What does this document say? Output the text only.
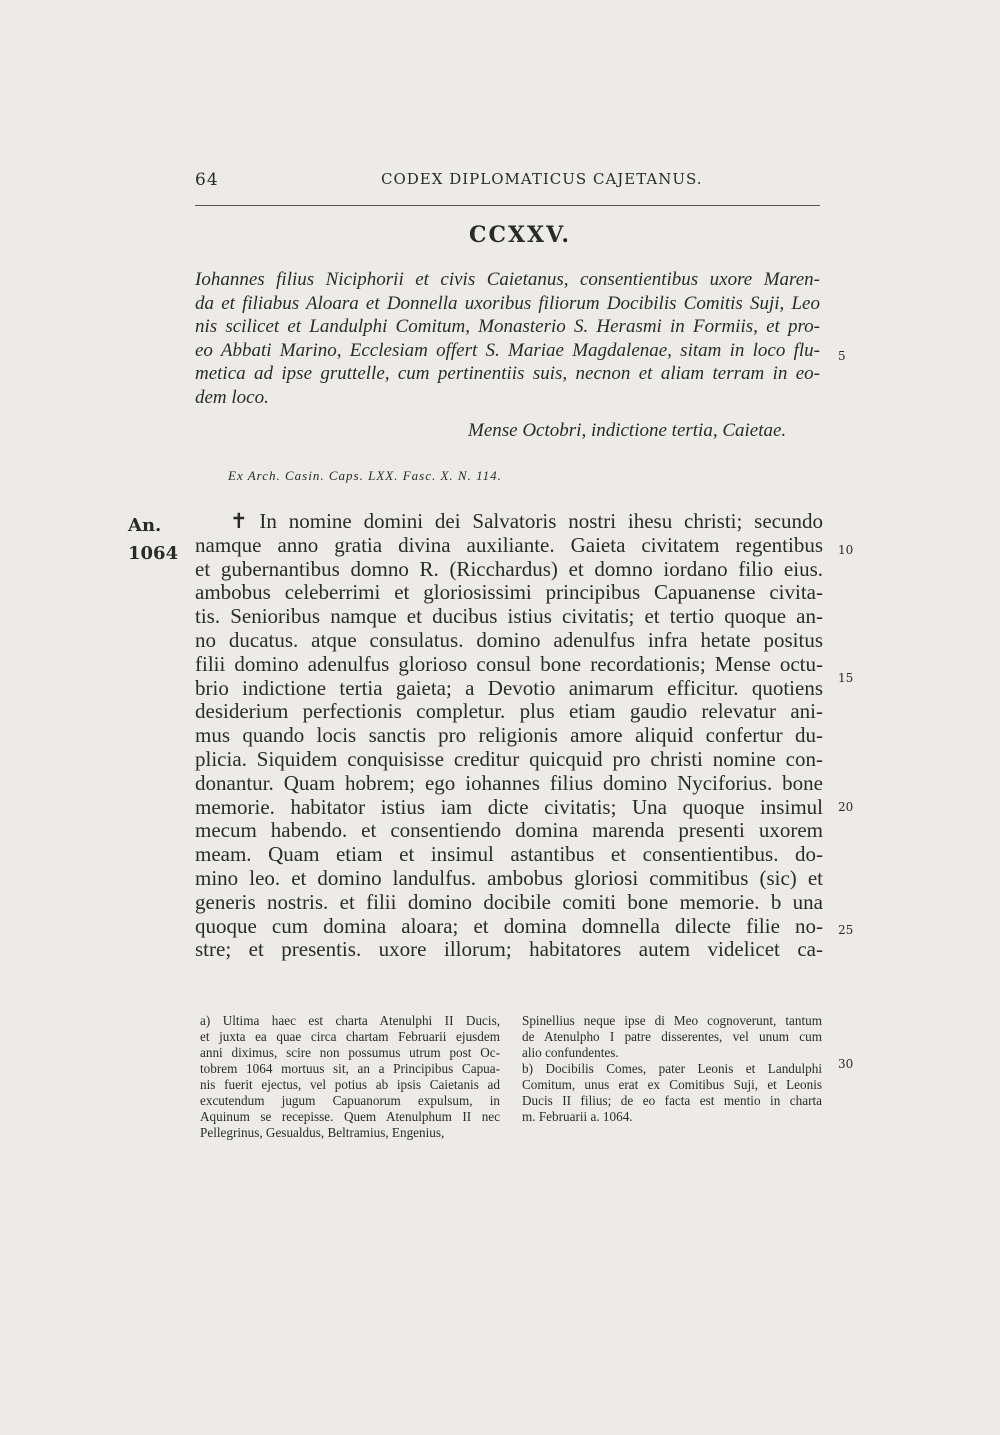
64	CODEX DIPLOMATICUS CAJETANUS.
CCXXV.
Iohannes filius Niciphorii et civis Caietanus, consentientibus uxore Maren-
da et filiabus Aloara et Donnella uxoribus filiorum Docibilis Comitis Suji, Leo
nis scilicet et Landulphi Comitum, Monasterio S. Herasmi in Formiis, et pro-
eo Abbati Marino, Ecclesiam offert S. Mariae Magdalenae, sitam in loco flu-
metica ad ipse gruttelle, cum pertinentiis suis, necnon et aliam terram in eo-
dem loco.
Mense Octobri, indictione tertia, Caietae.
Ex Arch. Casin. Caps. LXX. Fasc. X. N. 114.
An.
1064
✝ In nomine domini dei Salvatoris nostri ihesu christi; secundo
namque anno gratia divina auxiliante. Gaieta civitatem regentibus
et gubernantibus domno R. (Ricchardus) et domno iordano filio eius.
ambobus celeberrimi et gloriosissimi principibus Capuanense civita-
tis. Senioribus namque et ducibus istius civitatis; et tertio quoque an-
no ducatus. atque consulatus. domino adenulfus infra hetate positus
filii domino adenulfus glorioso consul bone recordationis; Mense octu-
brio indictione tertia gaieta; a Devotio animarum efficitur. quotiens
desiderium perfectionis completur. plus etiam gaudio relevatur ani-
mus quando locis sanctis pro religionis amore aliquid confertur du-
plicia. Siquidem conquisisse creditur quicquid pro christi nomine con-
donantur. Quam hobrem; ego iohannes filius domino Nyciforius. bone
memorie. habitator istius iam dicte civitatis; Una quoque insimul
mecum habendo. et consentiendo domina marenda presenti uxorem
meam. Quam etiam et insimul astantibus et consentientibus. do-
mino leo. et domino landulfus. ambobus gloriosi commitibus (sic) et
generis nostris. et filii domino docibile comiti bone memorie. b una
quoque cum domina aloara; et domina domnella dilecte filie no-
stre; et presentis. uxore illorum; habitatores autem videlicet ca-
5
10
15
20
25
30
a) Ultima haec est charta Atenulphi II Ducis,
et juxta ea quae circa chartam Februarii ejusdem
anni diximus, scire non possumus utrum post Oc-
tobrem 1064 mortuus sit, an a Principibus Capua-
nis fuerit ejectus, vel potius ab ipsis Caietanis ad
excutendum jugum Capuanorum expulsum, in
Aquinum se recepisse. Quem Atenulphum II nec
Pellegrinus, Gesualdus, Beltramius, Engenius,
Spinellius neque ipse di Meo cognoverunt, tantum
de Atenulpho I patre disserentes, vel unum cum
alio confundentes.
b) Docibilis Comes, pater Leonis et Landulphi
Comitum, unus erat ex Comitibus Suji, et Leonis
Ducis II filius; de eo facta est mentio in charta
m. Februarii a. 1064.
